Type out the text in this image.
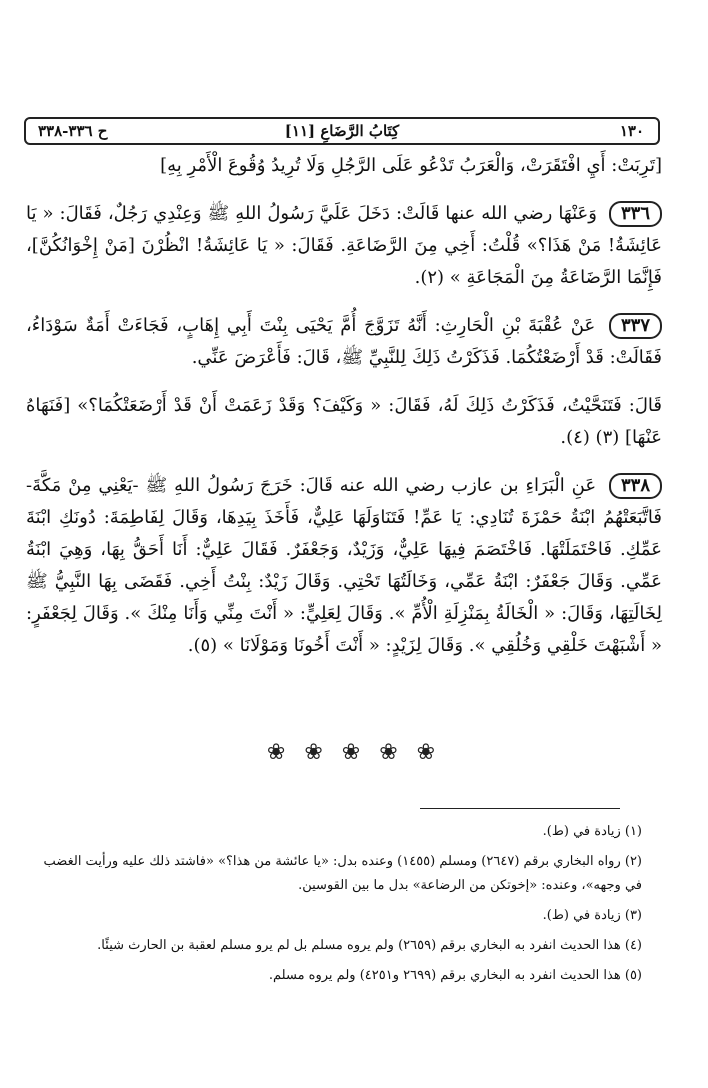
١٣٠
[١١] كِتَابُ الرَّضَاعِ
ح ٣٣٦-٣٣٨

[تَرِبَتْ: أَيِ افْتَقَرَتْ، وَالْعَرَبُ تَدْعُو عَلَى الرَّجُلِ وَلَا تُرِيدُ وُقُوعَ الْأَمْرِ بِهِ]

٣٣٦ وَعَنْهَا رضي الله عنها قَالَتْ: دَخَلَ عَلَيَّ رَسُولُ اللهِ ﷺ وَعِنْدِي رَجُلٌ، فَقَالَ: « يَا عَائِشَةُ! مَنْ هَذَا؟» قُلْتُ: أَخِي مِنَ الرَّضَاعَةِ. فَقَالَ: « يَا عَائِشَةُ! انْظُرْنَ [مَنْ إِخْوَانُكُنَّ]، فَإِنَّمَا الرَّضَاعَةُ مِنَ الْمَجَاعَةِ » (٢).

٣٣٧ عَنْ عُقْبَةَ بْنِ الْحَارِثِ: أَنَّهُ تَزَوَّجَ أُمَّ يَحْيَى بِنْتَ أَبِي إِهَابٍ، فَجَاءَتْ أَمَةٌ سَوْدَاءُ، فَقَالَتْ: قَدْ أَرْضَعْتُكُمَا. فَذَكَرْتُ ذَلِكَ لِلنَّبِيِّ ﷺ، قَالَ: فَأَعْرَضَ عَنِّي.

قَالَ: فَتَنَحَّيْتُ، فَذَكَرْتُ ذَلِكَ لَهُ، فَقَالَ: « وَكَيْفَ؟ وَقَدْ زَعَمَتْ أَنْ قَدْ أَرْضَعَتْكُمَا؟» [فَنَهَاهُ عَنْهَا] (٣) (٤).

٣٣٨ عَنِ الْبَرَاءِ بن عازب رضي الله عنه قَالَ: خَرَجَ رَسُولُ اللهِ ﷺ -يَعْنِي مِنْ مَكَّةَ- فَاتَّبَعَتْهُمُ ابْنَةُ حَمْزَةَ تُنَادِي: يَا عَمِّ! فَتَنَاوَلَهَا عَلِيٌّ، فَأَخَذَ بِيَدِهَا، وَقَالَ لِفَاطِمَةَ: دُونَكِ ابْنَةَ عَمِّكِ. فَاحْتَمَلَتْهَا. فَاخْتَصَمَ فِيهَا عَلِيٌّ، وَزَيْدٌ، وَجَعْفَرٌ. فَقَالَ عَلِيٌّ: أَنَا أَحَقُّ بِهَا، وَهِيَ ابْنَةُ عَمِّي. وَقَالَ جَعْفَرٌ: ابْنَةُ عَمِّي، وَخَالَتُهَا تَحْتِي. وَقَالَ زَيْدٌ: بِنْتُ أَخِي. فَقَضَى بِهَا النَّبِيُّ ﷺ لِخَالَتِهَا، وَقَالَ: « الْخَالَةُ بِمَنْزِلَةِ الْأُمِّ ». وَقَالَ لِعَلِيٍّ: « أَنْتَ مِنِّي وَأَنَا مِنْكَ ». وَقَالَ لِجَعْفَرٍ: « أَشْبَهْتَ خَلْقِي وَخُلُقِي ». وَقَالَ لِزَيْدٍ: « أَنْتَ أَخُونَا وَمَوْلَانَا » (٥).

❀ ❀ ❀ ❀ ❀

(١) زيادة في (ط).

(٢) رواه البخاري برقم (٢٦٤٧) ومسلم (١٤٥٥) وعنده بدل: «يا عائشة من هذا؟» «فاشتد ذلك عليه ورأيت الغضب في وجهه»، وعنده: «إخوتكن من الرضاعة» بدل ما بين القوسين.

(٣) زيادة في (ط).

(٤) هذا الحديث انفرد به البخاري برقم (٢٦٥٩) ولم يروه مسلم بل لم يرو مسلم لعقبة بن الحارث شيئًا.

(٥) هذا الحديث انفرد به البخاري برقم (٢٦٩٩ و٤٢٥١) ولم يروه مسلم.
